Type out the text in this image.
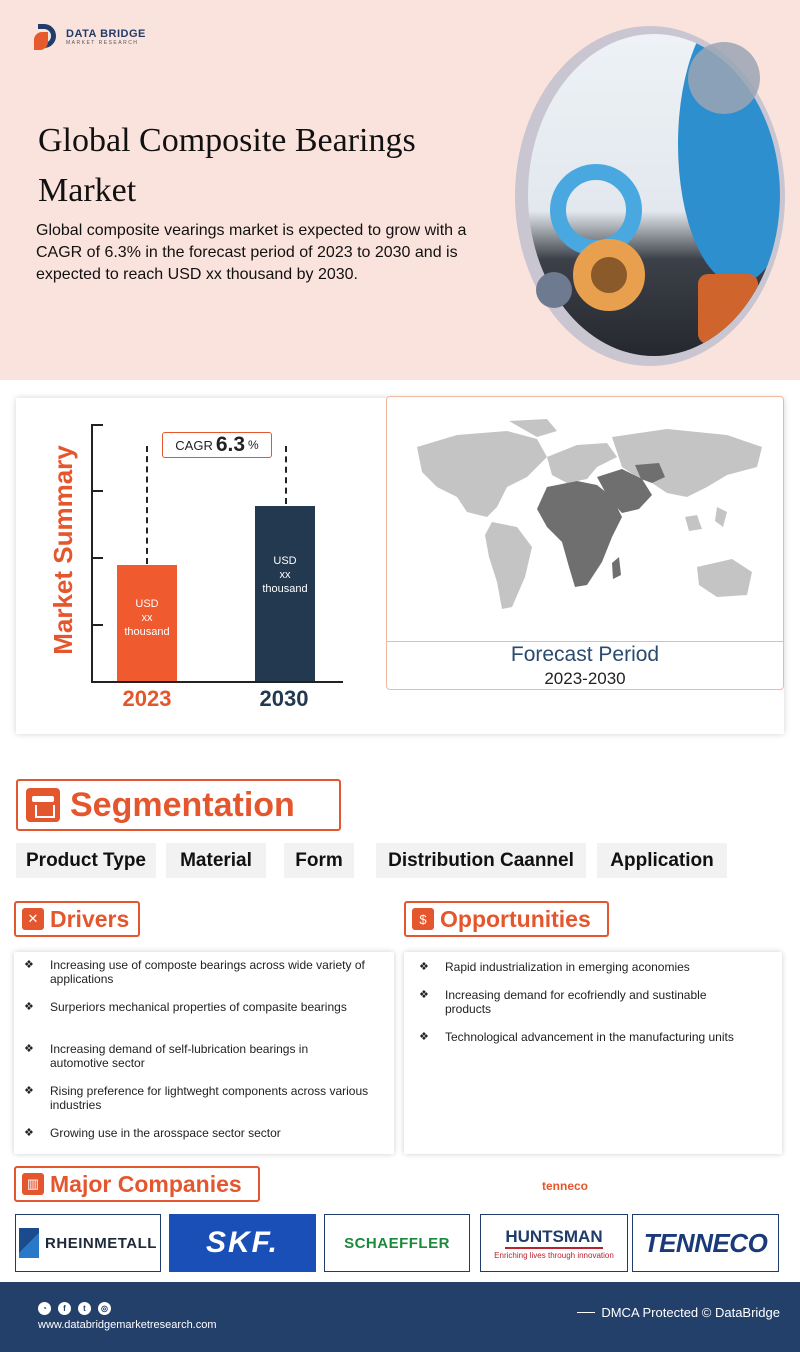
DATA BRIDGE
MARKET RESEARCH
Global Composite Bearings Market
Global composite vearings market is expected to grow with a CAGR of 6.3% in the forecast period of 2023 to 2030 and is expected to reach USD xx thousand by 2030.
Market Summary
CAGR 6.3 %
USD
xx
thousand
USD
xx
thousand
2023	2030
Forecast Period
2023-2030
Segmentation
Product Type	Material	Form	Distribution Caannel	Application
✕ Drivers
❖ Increasing use of composte bearings across wide variety of applications
❖ Surperiors mechanical properties of compasite bearings
❖ Increasing demand of self-lubrication bearings in automotive sector
❖ Rising preference for lightweght components across various industries
❖ Growing use in the arosspace sector sector
$ Opportunities
❖ Rapid industrialization in emerging aconomies
❖ Increasing demand for ecofriendly and sustinable products
❖ Technological advancement in the manufacturing units
▥ Major Companies	tenneco
RHEINMETALL SKF.	SCHAEFFLER	HUNTSMAN
Enriching lives through innovation TENNECO
◔	f	t	◎
www.databridgemarketresearch.com
DMCA Protected © DataBridge
